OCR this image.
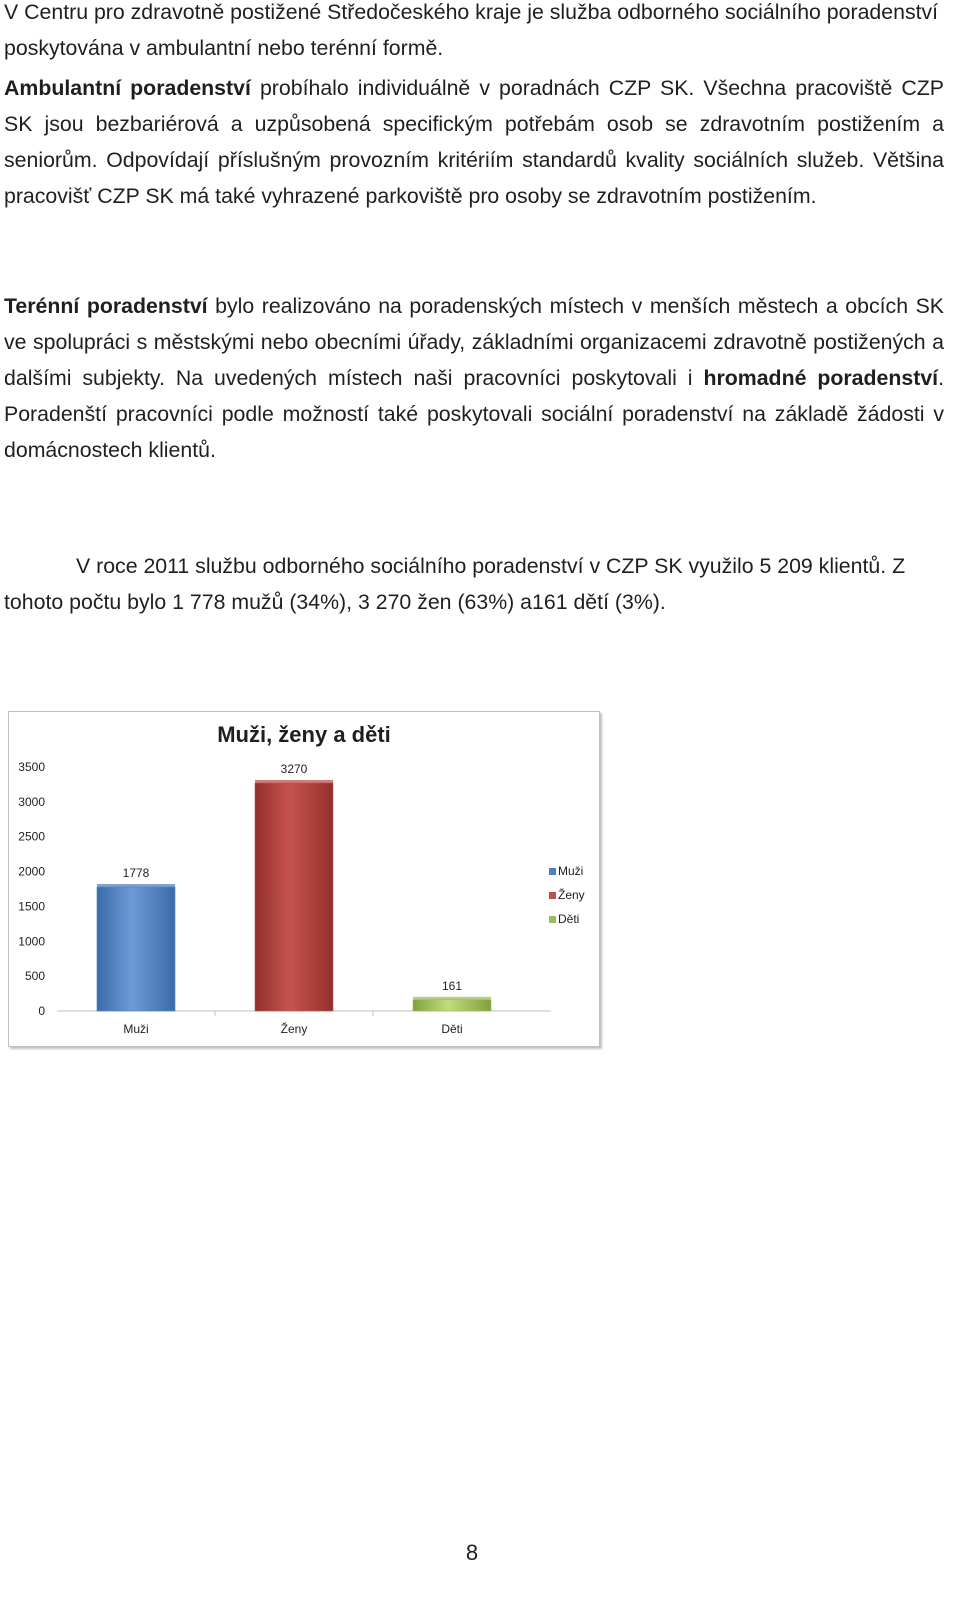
V Centru pro zdravotně postižené Středočeského kraje je služba odborného sociálního poradenství poskytována v ambulantní nebo terénní formě.

Ambulantní poradenství probíhalo individuálně v poradnách CZP SK. Všechna pracoviště CZP SK jsou bezbariérová a uzpůsobená specifickým potřebám osob se zdravotním postižením a seniorům. Odpovídají příslušným provozním kritériím standardů kvality sociálních služeb. Většina pracovišť CZP SK má také vyhrazené parkoviště pro osoby se zdravotním postižením.

Terénní poradenství bylo realizováno na poradenských místech v menších městech a obcích SK ve spolupráci s městskými nebo obecními úřady, základními organizacemi zdravotně postižených a dalšími subjekty. Na uvedených místech naši pracovníci poskytovali i hromadné poradenství. Poradenští pracovníci podle možností také poskytovali sociální poradenství na základě žádosti v domácnostech klientů.

V roce 2011 službu odborného sociálního poradenství v CZP SK využilo 5 209 klientů. Z tohoto počtu bylo 1 778 mužů (34%), 3 270 žen (63%) a161 dětí (3%).

Muži, ženy a děti
0
500
1000
1500
2000
2500
3000
3500
1778
Muži
3270
Ženy
161
Děti
Muži
Ženy
Děti
8
